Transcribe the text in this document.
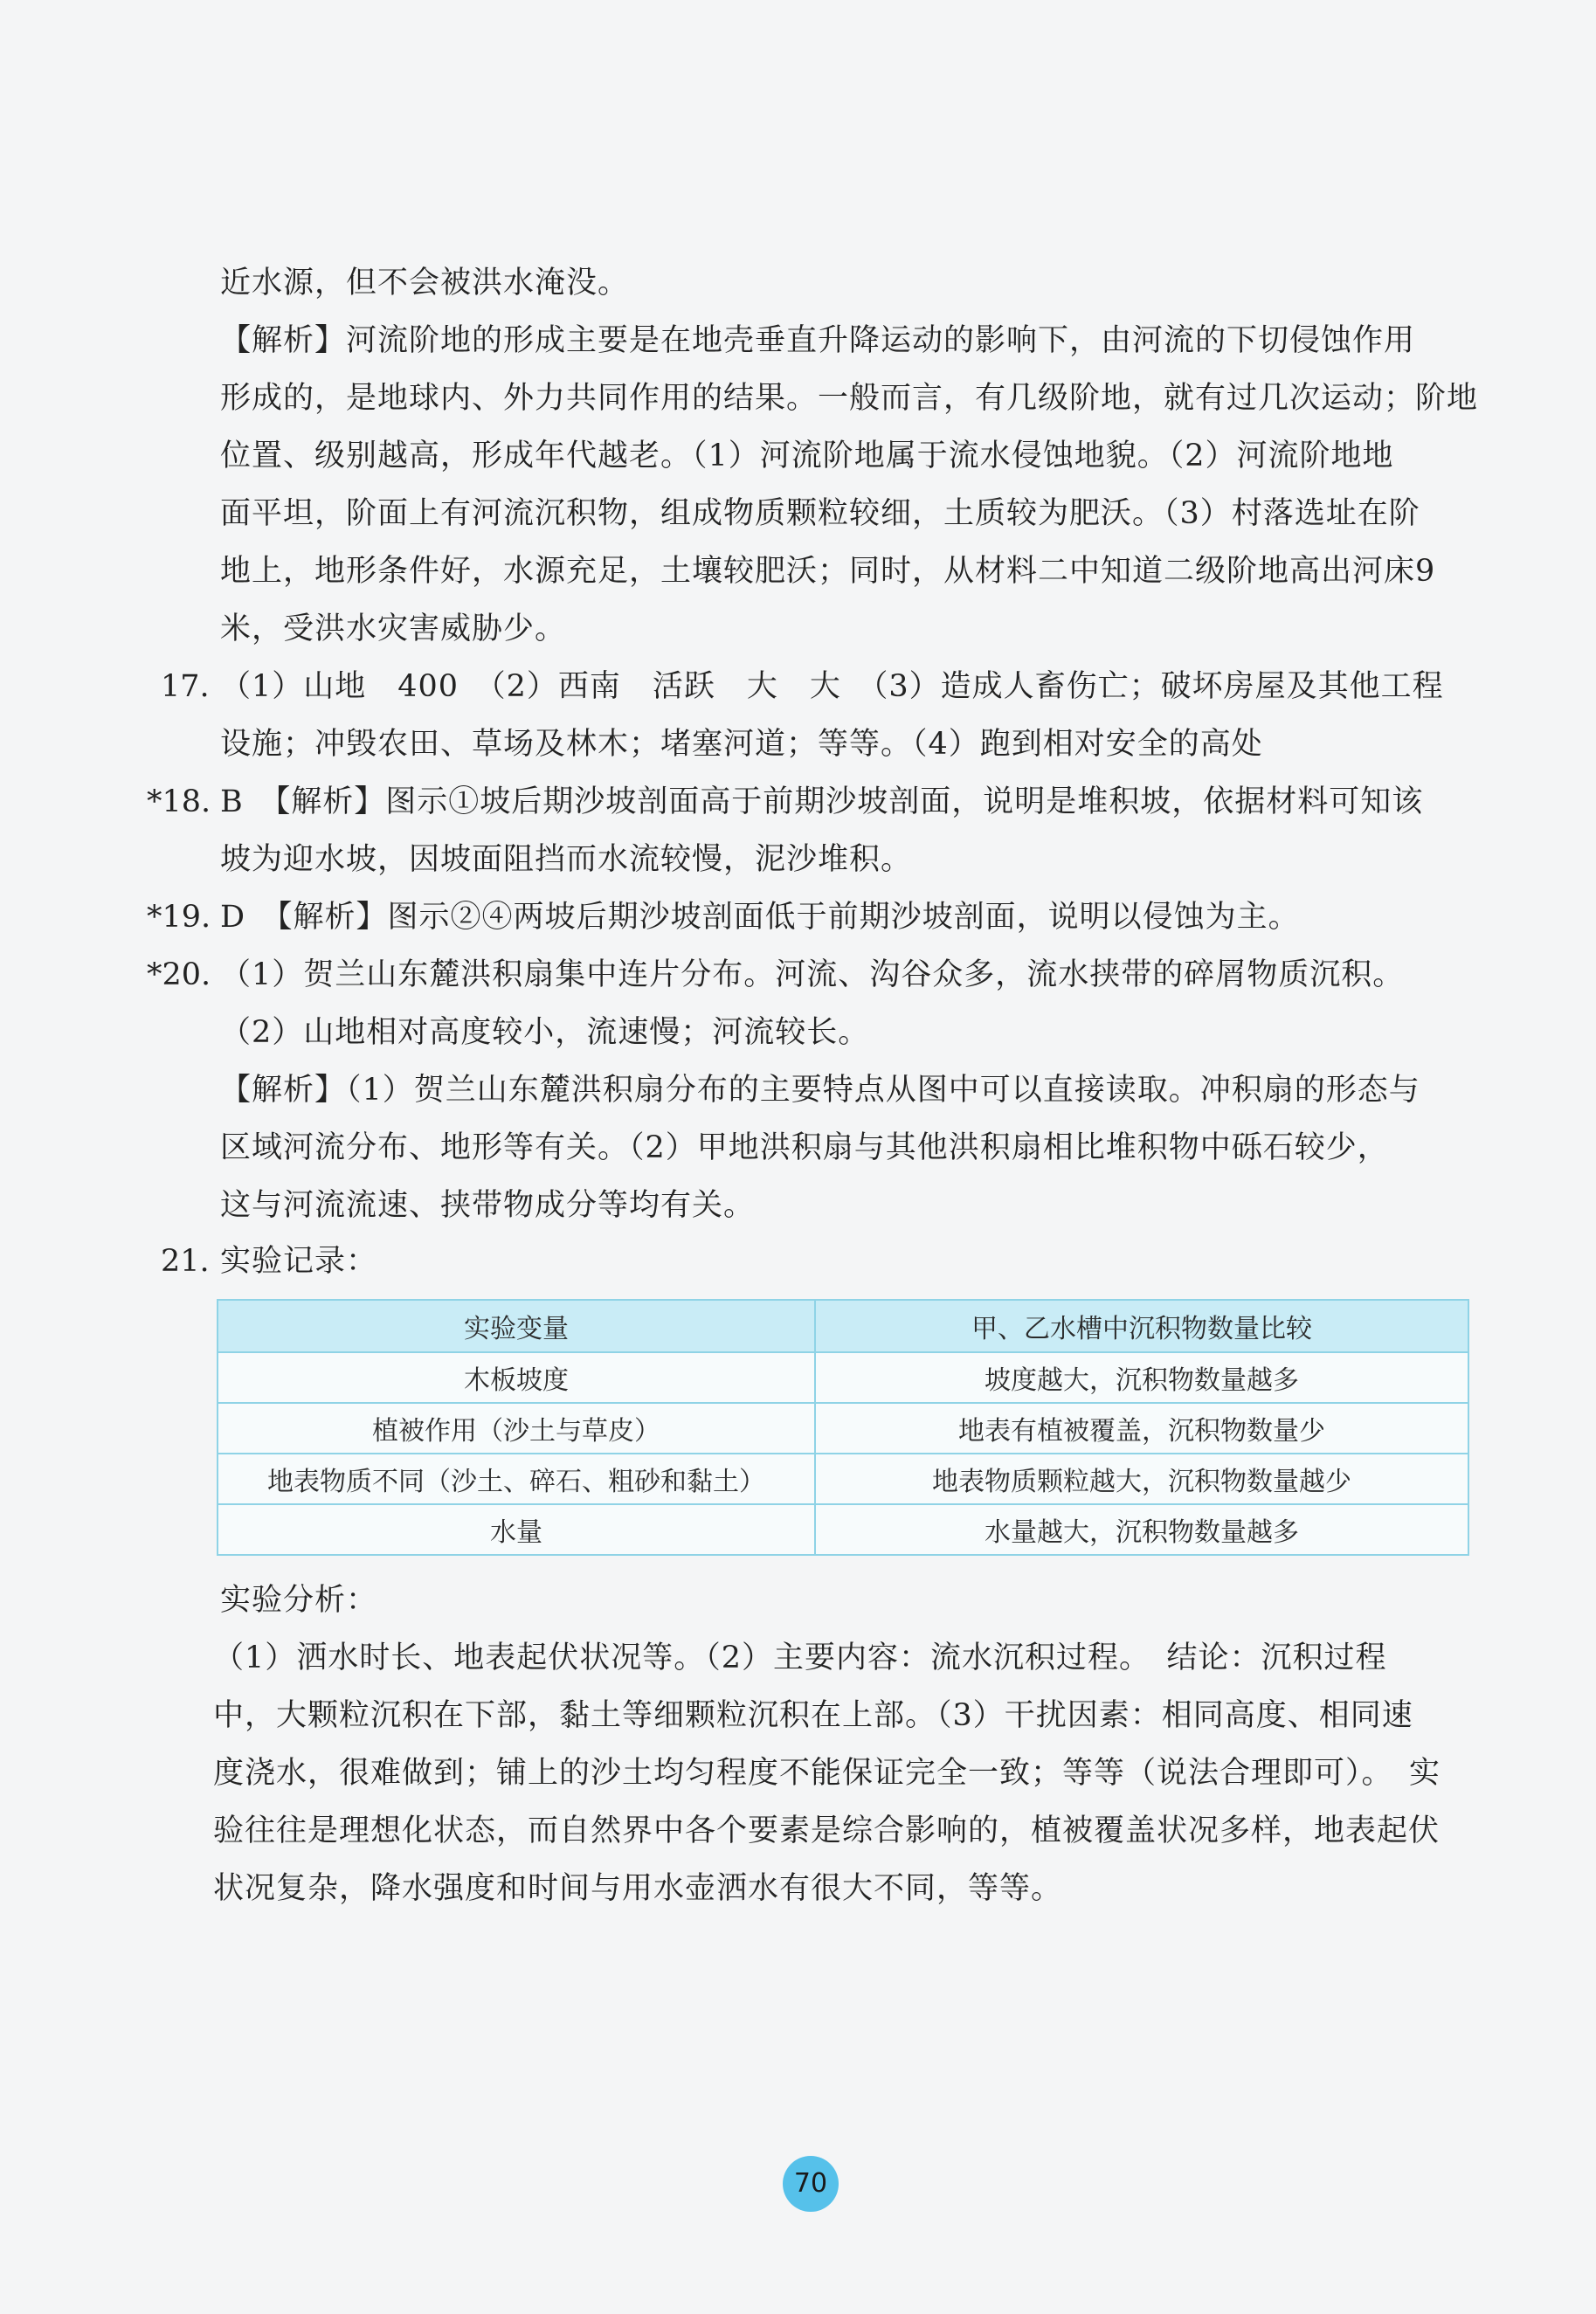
近水源，但不会被洪水淹没。
【解析】河流阶地的形成主要是在地壳垂直升降运动的影响下，由河流的下切侵蚀作用
形成的，是地球内、外力共同作用的结果。一般而言，有几级阶地，就有过几次运动；阶地
位置、级别越高，形成年代越老。（1）河流阶地属于流水侵蚀地貌。（2）河流阶地地
面平坦，阶面上有河流沉积物，组成物质颗粒较细，土质较为肥沃。（3）村落选址在阶
地上，地形条件好，水源充足，土壤较肥沃；同时，从材料二中知道二级阶地高出河床9
米，受洪水灾害威胁少。
17. （1）山地　400　（2）西南　活跃　大　大　（3）造成人畜伤亡；破坏房屋及其他工程
设施；冲毁农田、草场及林木；堵塞河道；等等。（4）跑到相对安全的高处
*18. B　【解析】图示①坡后期沙坡剖面高于前期沙坡剖面，说明是堆积坡，依据材料可知该
坡为迎水坡，因坡面阻挡而水流较慢，泥沙堆积。
*19. D　【解析】图示②④两坡后期沙坡剖面低于前期沙坡剖面，说明以侵蚀为主。
*20. （1）贺兰山东麓洪积扇集中连片分布。河流、沟谷众多，流水挟带的碎屑物质沉积。
（2）山地相对高度较小，流速慢；河流较长。
【解析】（1）贺兰山东麓洪积扇分布的主要特点从图中可以直接读取。冲积扇的形态与
区域河流分布、地形等有关。（2）甲地洪积扇与其他洪积扇相比堆积物中砾石较少，
这与河流流速、挟带物成分等均有关。
21. 实验记录：
实验变量	甲、乙水槽中沉积物数量比较
木板坡度	坡度越大，沉积物数量越多
植被作用（沙土与草皮）	地表有植被覆盖，沉积物数量少
地表物质不同（沙土、碎石、粗砂和黏土）	地表物质颗粒越大，沉积物数量越少
水量	水量越大，沉积物数量越多
实验分析：
（1）洒水时长、地表起伏状况等。（2）主要内容：流水沉积过程。　结论：沉积过程
中，大颗粒沉积在下部，黏土等细颗粒沉积在上部。（3）干扰因素：相同高度、相同速
度浇水，很难做到；铺上的沙土均匀程度不能保证完全一致；等等（说法合理即可）。　实
验往往是理想化状态，而自然界中各个要素是综合影响的，植被覆盖状况多样，地表起伏
状况复杂，降水强度和时间与用水壶洒水有很大不同，等等。
70
